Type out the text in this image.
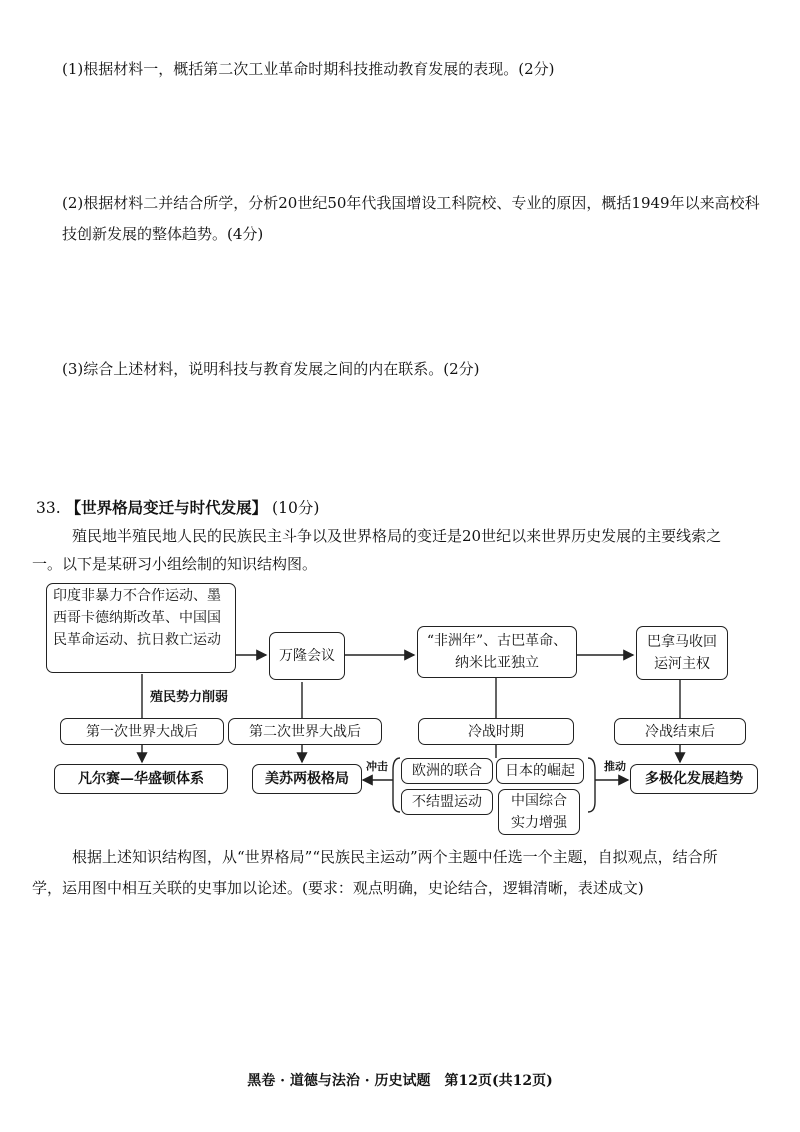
(1)根据材料一，概括第二次工业革命时期科技推动教育发展的表现。(2分)
(2)根据材料二并结合所学，分析20世纪50年代我国增设工科院校、专业的原因，概括1949年以来高校科技创新发展的整体趋势。(4分)
(3)综合上述材料，说明科技与教育发展之间的内在联系。(2分)
33. 【世界格局变迁与时代发展】 (10分)
殖民地半殖民地人民的民族民主斗争以及世界格局的变迁是20世纪以来世界历史发展的主要线索之一。以下是某研习小组绘制的知识结构图。
印度非暴力不合作运动、墨西哥卡德纳斯改革、中国国民革命运动、抗日救亡运动
万隆会议
“非洲年”、古巴革命、纳米比亚独立
巴拿马收回运河主权
殖民势力削弱
第一次世界大战后	第二次世界大战后	冷战时期	冷战结束后
凡尔赛—华盛顿体系	美苏两极格局	欧洲的联合	日本的崛起
不结盟运动	中国综合实力增强
冲击	推动
多极化发展趋势
根据上述知识结构图，从“世界格局”“民族民主运动”两个主题中任选一个主题，自拟观点，结合所学，运用图中相互关联的史事加以论述。(要求：观点明确，史论结合，逻辑清晰，表述成文)
黑卷 · 道德与法治 · 历史试题　第12页(共12页)
